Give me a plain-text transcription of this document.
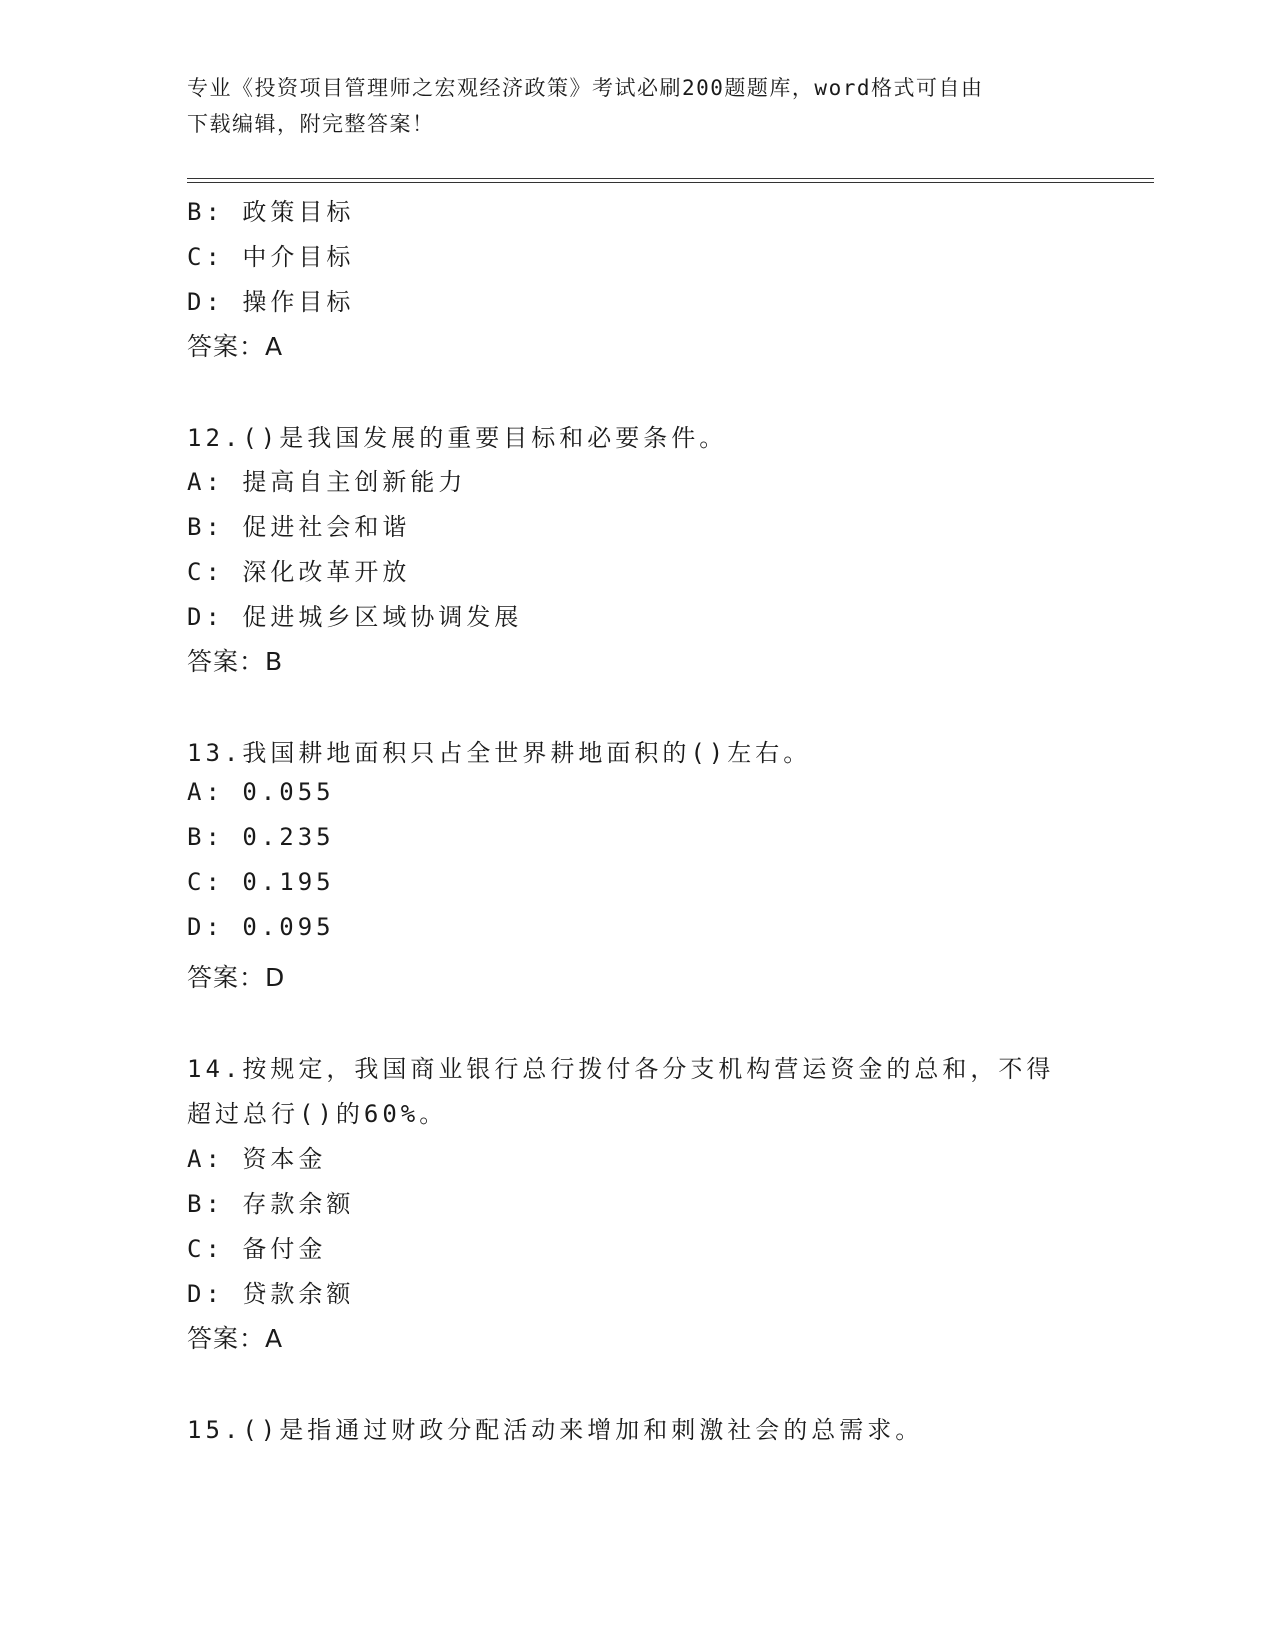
专业《投资项目管理师之宏观经济政策》考试必刷200题题库，word格式可自由
下载编辑，附完整答案！
B: 政策目标
C: 中介目标
D: 操作目标
答案：A
12.()是我国发展的重要目标和必要条件。
A: 提高自主创新能力
B: 促进社会和谐
C: 深化改革开放
D: 促进城乡区域协调发展
答案：B
13.我国耕地面积只占全世界耕地面积的()左右。
A: 0.055
B: 0.235
C: 0.195
D: 0.095
答案：D
14.按规定，我国商业银行总行拨付各分支机构营运资金的总和，不得
超过总行()的60%。
A: 资本金
B: 存款余额
C: 备付金
D: 贷款余额
答案：A
15.()是指通过财政分配活动来增加和刺激社会的总需求。
